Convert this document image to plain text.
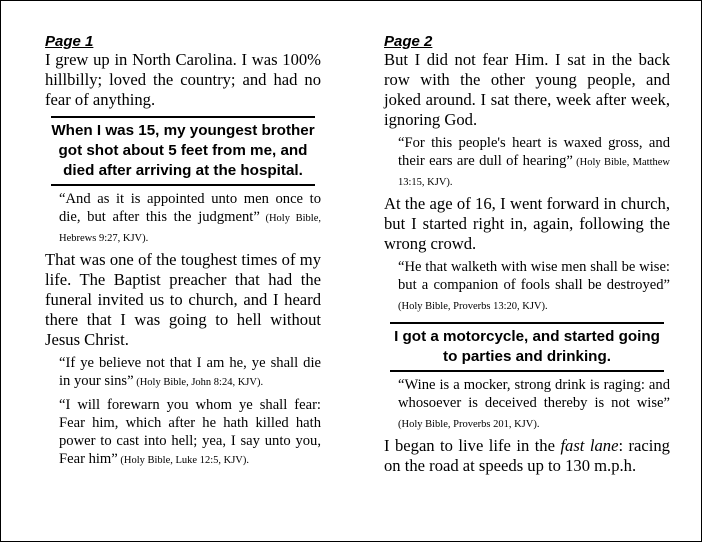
Page 1

I grew up in North Carolina. I was 100% hillbilly; loved the country; and had no fear of anything.

When I was 15, my youngest brother got shot about 5 feet from me, and died after arriving at the hospital.

“And as it is appointed unto men once to die, but after this the judgment” (Holy Bible, Hebrews 9:27, KJV).

That was one of the toughest times of my life. The Baptist preacher that had the funeral invited us to church, and I heard there that I was going to hell without Jesus Christ.

“If ye believe not that I am he, ye shall die in your sins” (Holy Bible, John 8:24, KJV).

“I will forewarn you whom ye shall fear: Fear him, which after he hath killed hath power to cast into hell; yea, I say unto you, Fear him” (Holy Bible, Luke 12:5, KJV).

Page 2

But I did not fear Him. I sat in the back row with the other young people, and joked around. I sat there, week after week, ignoring God.

“For this people's heart is waxed gross, and their ears are dull of hearing” (Holy Bible, Matthew 13:15, KJV).

At the age of 16, I went forward in church, but I started right in, again, following the wrong crowd.

“He that walketh with wise men shall be wise: but a companion of fools shall be destroyed” (Holy Bible, Proverbs 13:20, KJV).

I got a motorcycle, and started going to parties and drinking.

“Wine is a mocker, strong drink is raging: and whosoever is deceived thereby is not wise” (Holy Bible, Proverbs 201, KJV).

I began to live life in the fast lane: racing on the road at speeds up to 130 m.p.h.
